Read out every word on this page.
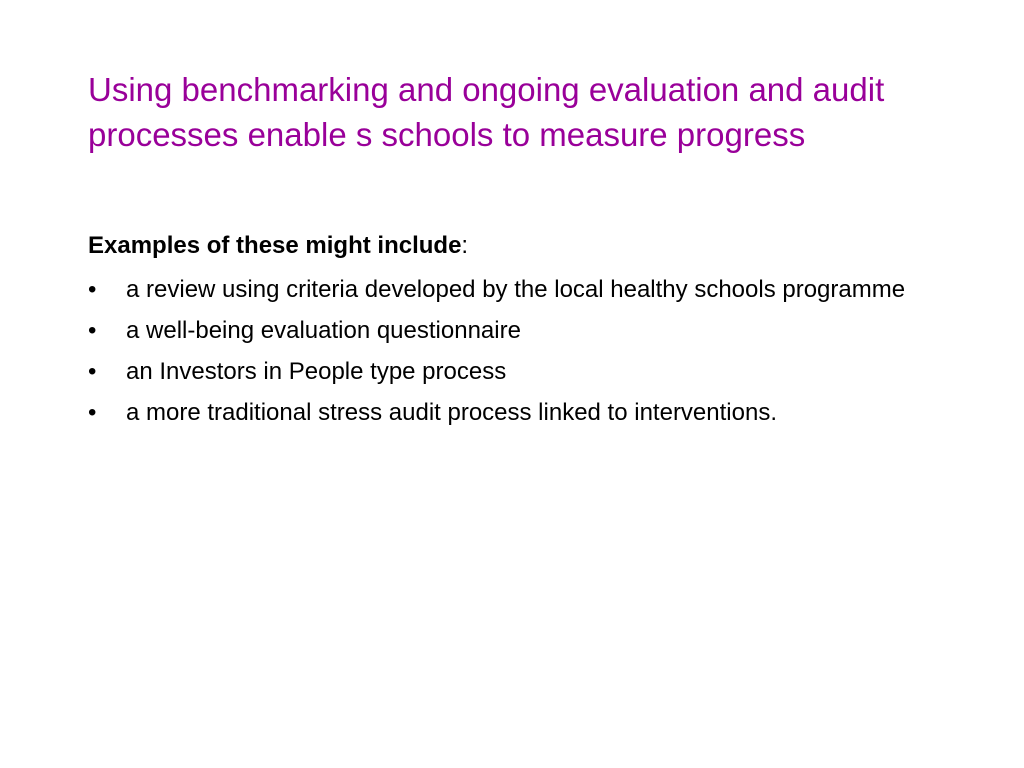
Using benchmarking and ongoing evaluation and audit processes enable s schools to measure progress

Examples of these might include:

• a review using criteria developed by the local healthy schools programme
• a well-being evaluation questionnaire
• an Investors in People type process
• a more traditional stress audit process linked to interventions.
